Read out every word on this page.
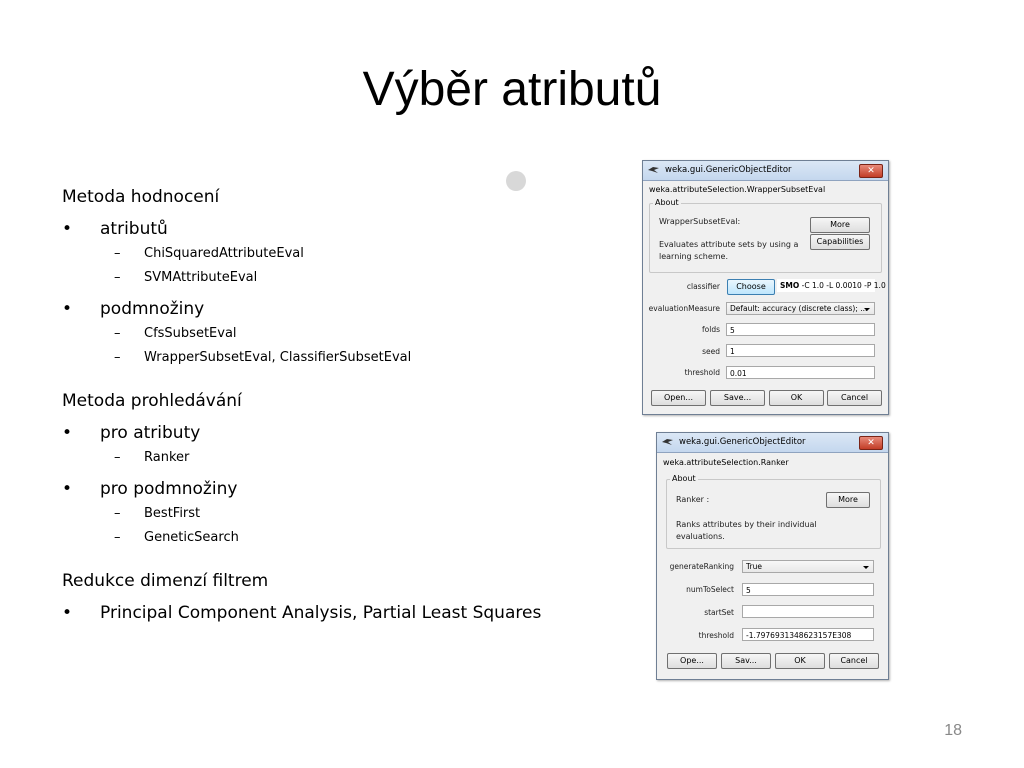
Výběr atributů
Metoda hodnocení
• atributů
– ChiSquaredAttributeEval
– SVMAttributeEval
• podmnožiny
– CfsSubsetEval
– WrapperSubsetEval, ClassifierSubsetEval
Metoda prohledávání
• pro atributy
– Ranker
• pro podmnožiny
– BestFirst
– GeneticSearch
Redukce dimenzí filtrem
• Principal Component Analysis, Partial Least Squares
18
weka.gui.GenericObjectEditor	✕
weka.attributeSelection.WrapperSubsetEval
About
WrapperSubsetEval:
Evaluates attribute sets by using a
learning scheme.
More
Capabilities
classifier	Choose	SMO -C 1.0 -L 0.0010 -P 1.0
evaluationMeasure	Default: accuracy (discrete class); ...
folds	5
seed	1
threshold	0.01
Open...	Save...	OK	Cancel
weka.gui.GenericObjectEditor	✕
weka.attributeSelection.Ranker
About
Ranker :
Ranks attributes by their individual
evaluations.
More
generateRanking	True
numToSelect	5
startSet
threshold	-1.7976931348623157E308
Ope...	Sav...	OK	Cancel
